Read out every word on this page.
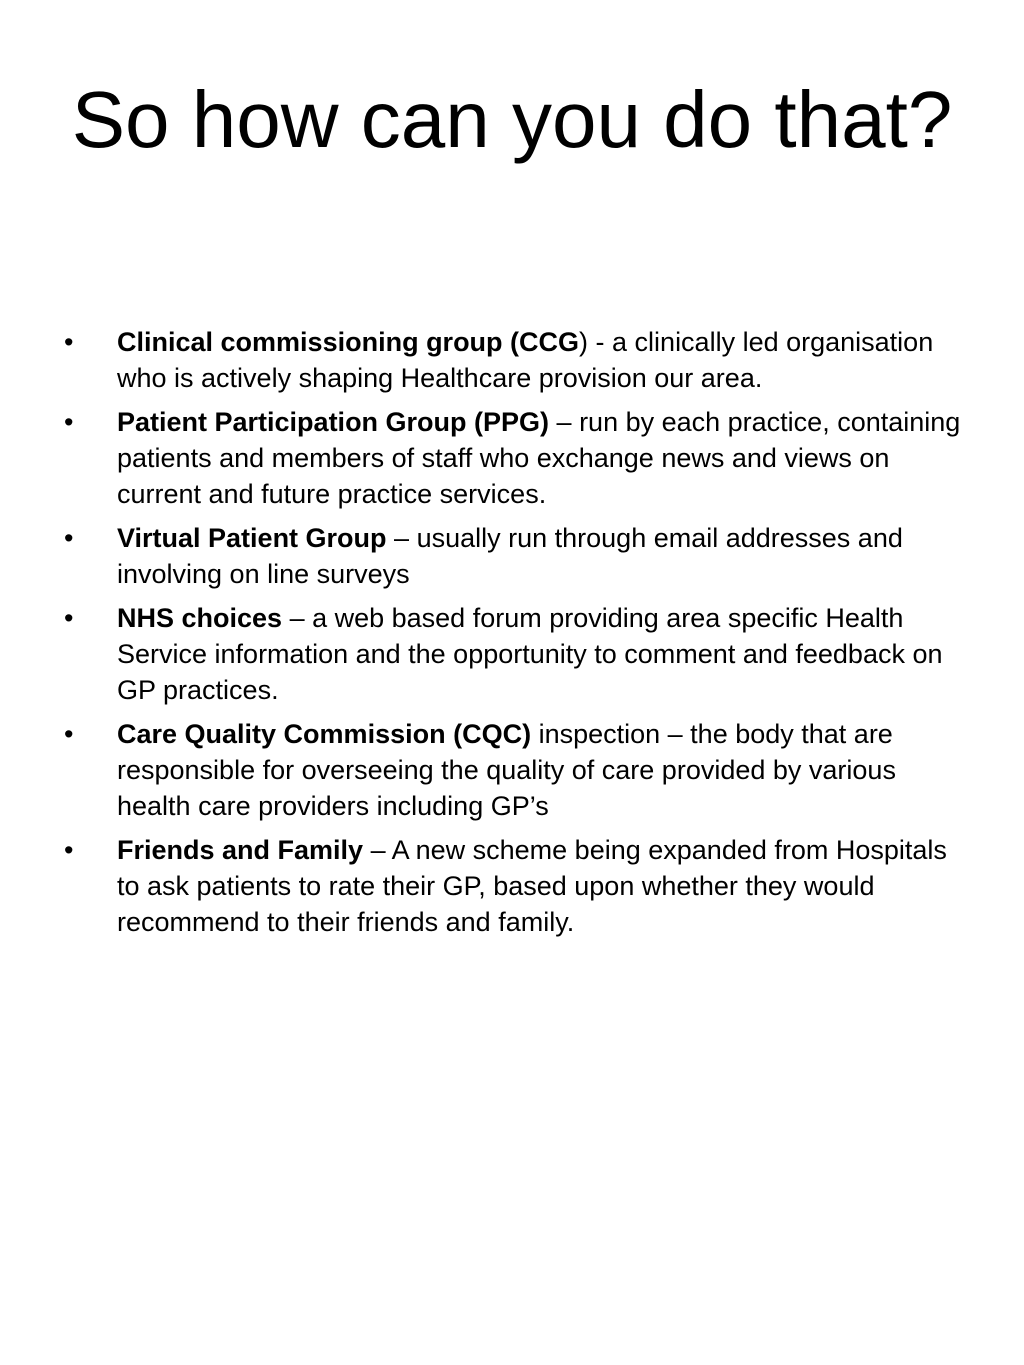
So how can you do that?
•	Clinical commissioning group (CCG) - a clinically led organisation who is actively shaping Healthcare provision our area.
•	Patient Participation Group (PPG) – run by each practice, containing patients and members of staff who exchange news and views on current and future practice services.
•	Virtual Patient Group – usually run through email addresses and involving on line surveys
•	NHS choices – a web based forum providing area specific Health Service information and the opportunity to comment and feedback on GP practices.
•	Care Quality Commission (CQC) inspection – the body that are responsible for overseeing the quality of care provided by various health care providers including GP’s
•	Friends and Family – A new scheme being expanded from Hospitals to ask patients to rate their GP, based upon whether they would recommend to their friends and family.
